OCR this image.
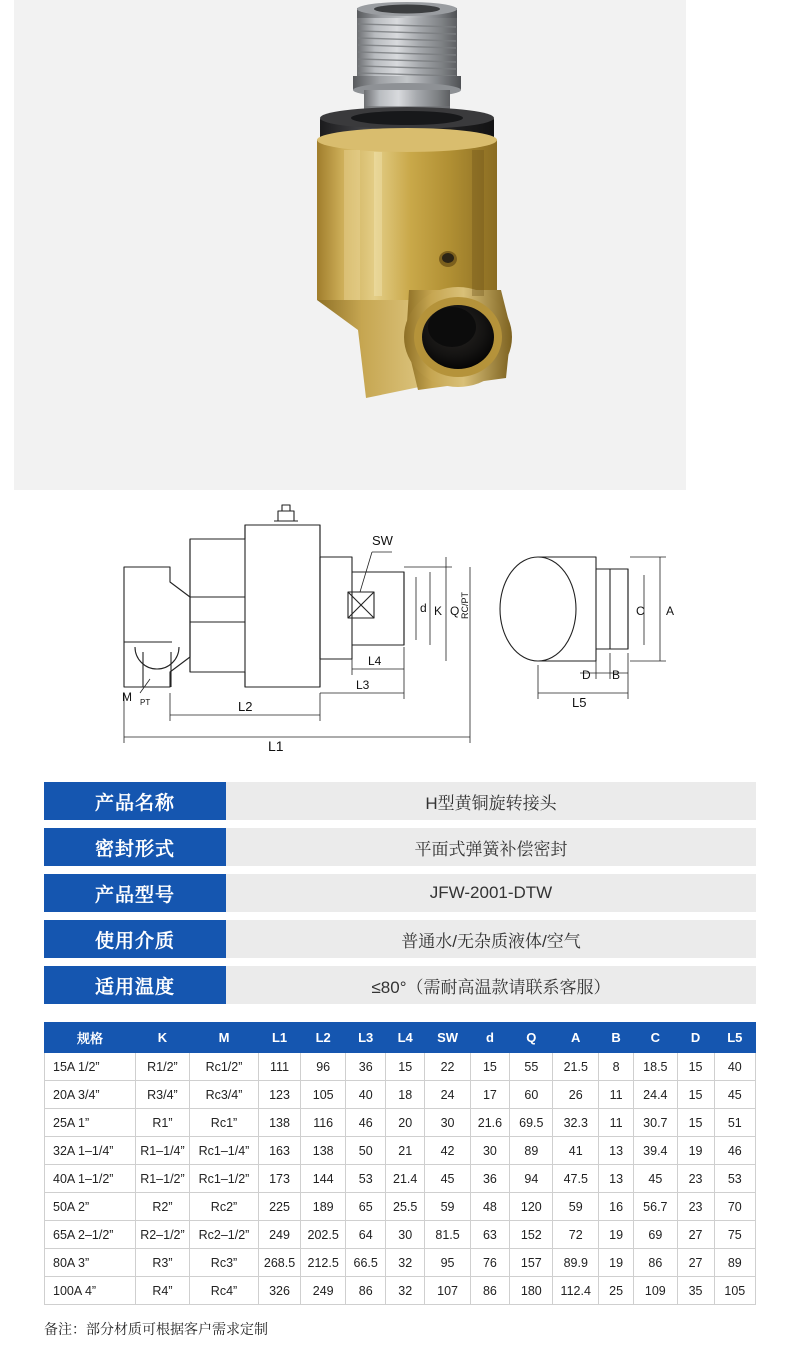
SW
d K Q RC/PT
L4
L3
L2
L1
M PT
A
B
C
D
L5
产品名称	H型黄铜旋转接头
密封形式	平面式弹簧补偿密封
产品型号	JFW-2001-DTW
使用介质	普通水/无杂质液体/空气
适用温度	≤80°（需耐高温款请联系客服）
规格	K	M	L1	L2	L3	L4	SW	d	Q	A	B	C	D	L5
15A 1/2”	R1/2”	Rc1/2”	111	96	36	15	22	15	55	21.5	8	18.5	15	40
20A 3/4”	R3/4”	Rc3/4”	123	105	40	18	24	17	60	26	11	24.4	15	45
25A 1”	R1”	Rc1”	138	116	46	20	30	21.6	69.5	32.3	11	30.7	15	51
32A 1–1/4”	R1–1/4”	Rc1–1/4”	163	138	50	21	42	30	89	41	13	39.4	19	46
40A 1–1/2”	R1–1/2”	Rc1–1/2”	173	144	53	21.4	45	36	94	47.5	13	45	23	53
50A 2”	R2”	Rc2”	225	189	65	25.5	59	48	120	59	16	56.7	23	70
65A 2–1/2”	R2–1/2”	Rc2–1/2”	249	202.5	64	30	81.5	63	152	72	19	69	27	75
80A 3”	R3”	Rc3”	268.5	212.5	66.5	32	95	76	157	89.9	19	86	27	89
100A 4”	R4”	Rc4”	326	249	86	32	107	86	180	112.4	25	109	35	105
备注：部分材质可根据客户需求定制
